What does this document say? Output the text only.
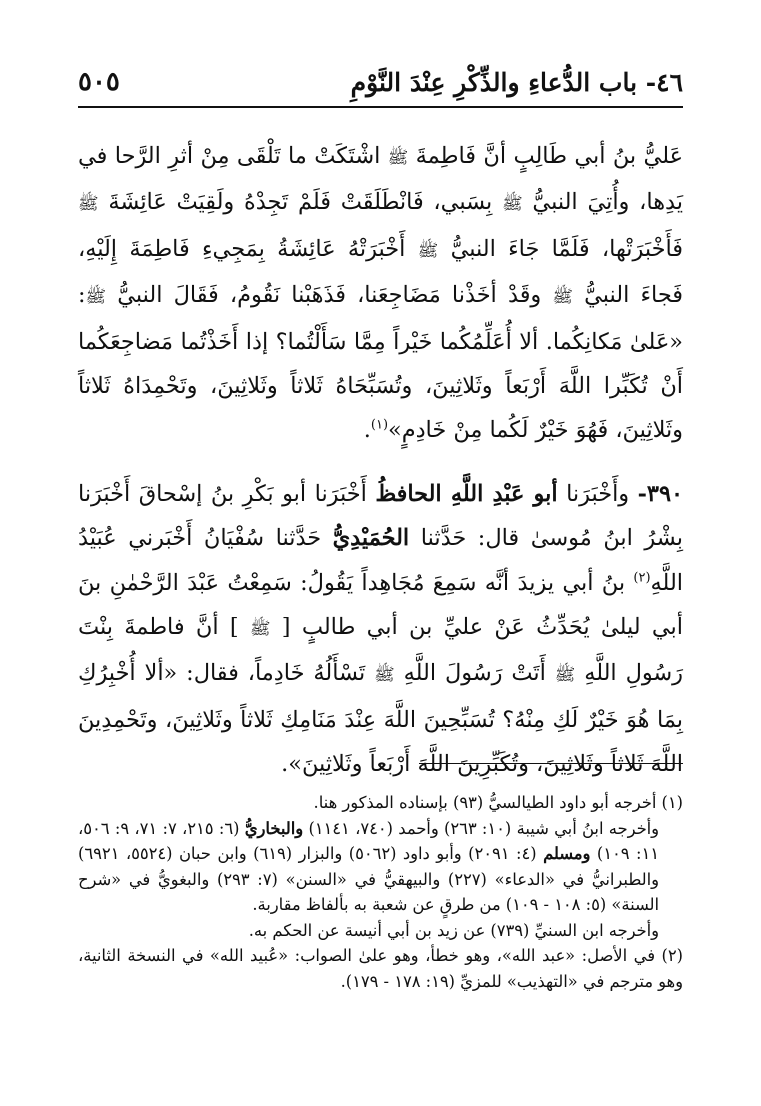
٤٦- باب الدُّعاءِ والذِّكْرِ عِنْدَ النَّوْمِ
٥٠٥

عَليُّ بنُ أبي طَالِبٍ أنَّ فَاطِمةَ ﷺ اشْتَكَتْ ما تَلْقَى مِنْ أثرِ الرَّحا في يَدِها، وأُتِيَ النبيُّ ﷺ بِسَبي، فَانْطَلَقَتْ فَلَمْ تَجِدْهُ ولَقِيَتْ عَائِشَةَ ﷺ فَأَخْبَرَتْها، فَلَمَّا جَاءَ النبيُّ ﷺ أَخْبَرَتْهُ عَائِشَةُ بِمَجِيءِ فَاطِمَةَ إِلَيْهِ، فَجاءَ النبيُّ ﷺ وقَدْ أخَذْنا مَضَاجِعَنا، فَذَهَبْنا نَقُومُ، فَقَالَ النبيُّ ﷺ: «عَلىٰ مَكانِكُما. ألا أُعَلِّمُكُما خَيْراً مِمَّا سَأَلْتُما؟ إذا أَخَذْتُما مَضاجِعَكُما أَنْ تُكَبِّرا اللَّهَ أَرْبَعاً وثَلاثِينَ، وتُسَبِّحَاهُ ثَلاثاً وثَلاثِينَ، وتَحْمِدَاهُ ثَلاثاً وثَلاثِينَ، فَهُوَ خَيْرٌ لَكُما مِنْ خَادِمٍ»$^{(١)}$.

٣٩٠- وأَخْبَرَنا أبو عَبْدِ اللَّهِ الحافظُ أَخْبَرَنا أبو بَكْرِ بنُ إسْحاقَ أَخْبَرَنا بِشْرُ ابنُ مُوسىٰ قال: حَدَّثنا الحُمَيْدِيُّ حَدَّثنا سُفْيَانُ أَخْبَرني عُبَيْدُ اللَّهِ$^{(٢)}$ بنُ أبي يزيدَ أنَّه سَمِعَ مُجَاهِداً يَقُولُ: سَمِعْتُ عَبْدَ الرَّحْمٰنِ بنَ أبي ليلىٰ يُحَدِّثُ عَنْ عليِّ بن أبي طالبٍ [ ﷺ ] أنَّ فاطمةَ بِنْتَ رَسُولِ اللَّهِ ﷺ أَتَتْ رَسُولَ اللَّهِ ﷺ تَسْأَلُهُ خَادِماً، فقال: «ألا أُخْبِرُكِ بِمَا هُوَ خَيْرٌ لَكِ مِنْهُ؟ تُسَبِّحِينَ اللَّهَ عِنْدَ مَنَامِكِ ثَلاثاً وثَلاثِينَ، وتَحْمِدِينَ اللَّهَ ثَلاثاً وثَلاثِينَ، وتُكَبِّرِينَ اللَّهَ أَرْبَعاً وثَلاثِينَ».

(١) أخرجه أبو داود الطيالسيُّ (٩٣) بإسناده المذكور هنا.

وأخرجه ابنُ أبي شيبة (١٠: ٢٦٣) وأحمد (٧٤٠، ١١٤١) والبخاريُّ (٦: ٢١٥، ٧: ٧١، ٩: ٥٠٦، ١١: ١٠٩) ومسلم (٤: ٢٠٩١) وأبو داود (٥٠٦٢) والبزار (٦١٩) وابن حبان (٥٥٢٤، ٦٩٢١) والطبرانيُّ في «الدعاء» (٢٢٧) والبيهقيُّ في «السنن» (٧: ٢٩٣) والبغويُّ في «شرح السنة» (٥: ١٠٨ - ١٠٩) من طرقٍ عن شعبة به بألفاظ مقاربة.

وأخرجه ابن السنيِّ (٧٣٩) عن زيد بن أبي أنيسة عن الحكم به.

(٢) في الأصل: «عبد الله»، وهو خطأ، وهو علىٰ الصواب: «عُبيد الله» في النسخة الثانية، وهو مترجم في «التهذيب» للمزيِّ (١٩: ١٧٨ - ١٧٩).
